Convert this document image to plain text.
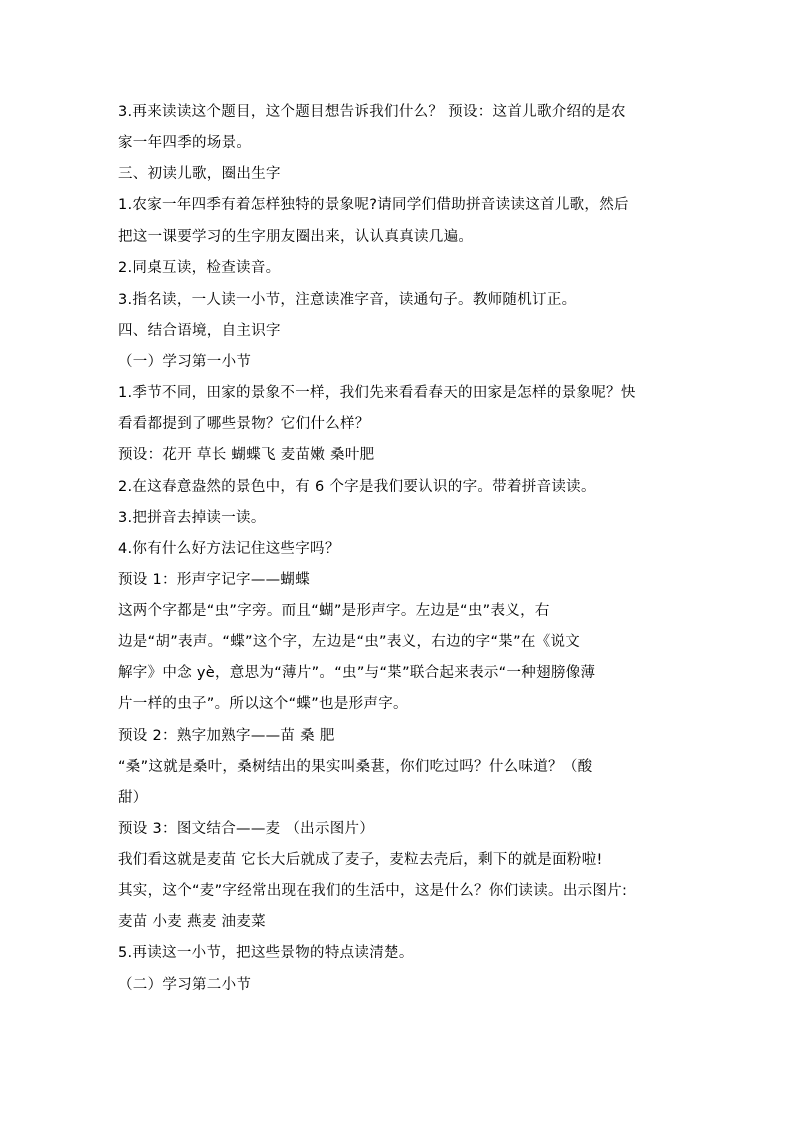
3.再来读读这个题目，这个题目想告诉我们什么？ 预设：这首儿歌介绍的是农
家一年四季的场景。
三、初读儿歌，圈出生字
1.农家一年四季有着怎样独特的景象呢?请同学们借助拼音读读这首儿歌，然后
把这一课要学习的生字朋友圈出来，认认真真读几遍。
2.同桌互读，检查读音。
3.指名读，一人读一小节，注意读准字音，读通句子。教师随机订正。
四、结合语境，自主识字
（一）学习第一小节
1.季节不同，田家的景象不一样，我们先来看看春天的田家是怎样的景象呢？快
看看都提到了哪些景物？它们什么样？
预设：花开 草长 蝴蝶飞 麦苗嫩 桑叶肥
2.在这春意盎然的景色中，有 6 个字是我们要认识的字。带着拼音读读。
3.把拼音去掉读一读。
4.你有什么好方法记住这些字吗？
预设 1：形声字记字——蝴蝶
这两个字都是“虫”字旁。而且“蝴”是形声字。左边是“虫”表义，右
边是“胡”表声。“蝶”这个字，左边是“虫”表义，右边的字“枼”在《说文
解字》中念 yè，意思为“薄片”。“虫”与“枼”联合起来表示“一种翅膀像薄
片一样的虫子”。所以这个“蝶”也是形声字。
预设 2：熟字加熟字——苗 桑 肥
“桑”这就是桑叶，桑树结出的果实叫桑葚，你们吃过吗？什么味道？（酸
甜）
预设 3：图文结合——麦 （出示图片）
我们看这就是麦苗 它长大后就成了麦子，麦粒去壳后，剩下的就是面粉啦!
其实，这个“麦”字经常出现在我们的生活中，这是什么？你们读读。出示图片:
麦苗 小麦 燕麦 油麦菜
5.再读这一小节，把这些景物的特点读清楚。
（二）学习第二小节
